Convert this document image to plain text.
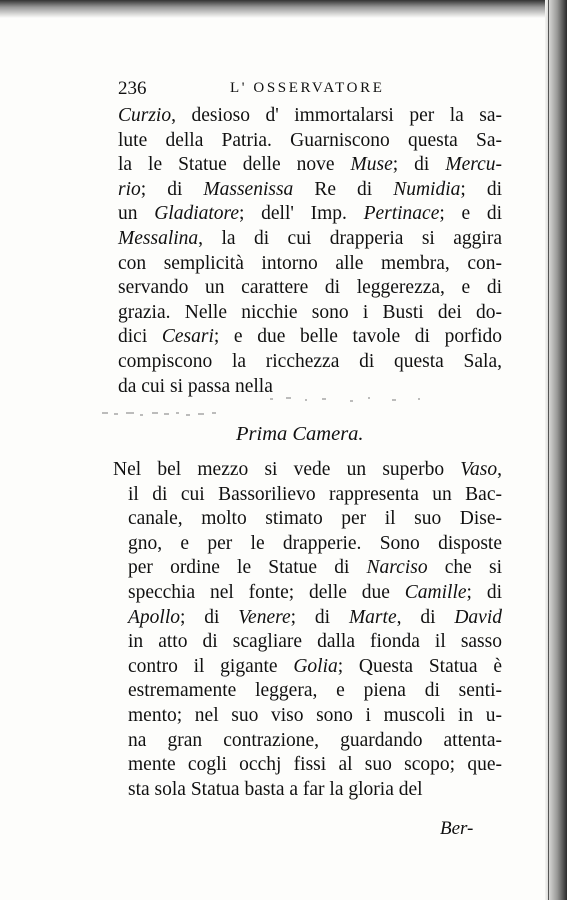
236	L' OSSERVATORE

Curzio, desioso d' immortalarsi per la sa-

lute della Patria. Guarniscono questa Sa-

la le Statue delle nove Muse; di Mercu-

rio; di Massenissa Re di Numidia; di

un Gladiatore; dell' Imp. Pertinace; e di

Messalina, la di cui drapperia si aggira

con semplicità intorno alle membra, con-

servando un carattere di leggerezza, e di

grazia. Nelle nicchie sono i Busti dei do-

dici Cesari; e due belle tavole di porfido

compiscono la ricchezza di questa Sala,

da cui si passa nella

Prima Camera.

Nel bel mezzo si vede un superbo Vaso,

il di cui Bassorilievo rappresenta un Bac-

canale, molto stimato per il suo Dise-

gno, e per le drapperie. Sono disposte

per ordine le Statue di Narciso che si

specchia nel fonte; delle due Camille; di

Apollo; di Venere; di Marte, di David

in atto di scagliare dalla fionda il sasso

contro il gigante Golia; Questa Statua è

estremamente leggera, e piena di senti-

mento; nel suo viso sono i muscoli in u-

na gran contrazione, guardando attenta-

mente cogli occhj fissi al suo scopo; que-

sta sola Statua basta a far la gloria del

Ber-
